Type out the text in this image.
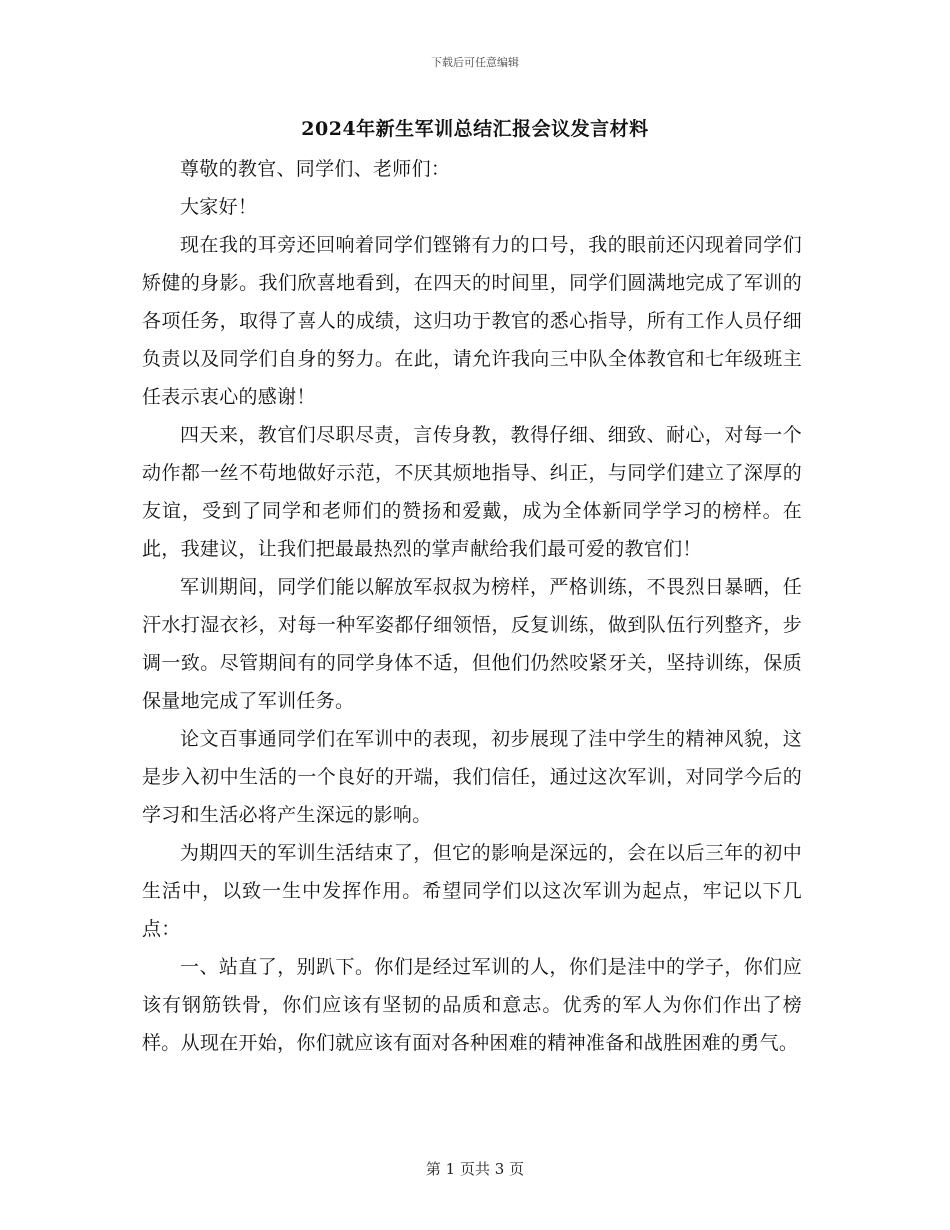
下载后可任意编辑
2024年新生军训总结汇报会议发言材料

尊敬的教官、同学们、老师们：

大家好！

现在我的耳旁还回响着同学们铿锵有力的口号，我的眼前还闪现着同学们矫健的身影。我们欣喜地看到，在四天的时间里，同学们圆满地完成了军训的各项任务，取得了喜人的成绩，这归功于教官的悉心指导，所有工作人员仔细负责以及同学们自身的努力。在此，请允许我向三中队全体教官和七年级班主任表示衷心的感谢！

四天来，教官们尽职尽责，言传身教，教得仔细、细致、耐心，对每一个动作都一丝不苟地做好示范，不厌其烦地指导、纠正，与同学们建立了深厚的友谊，受到了同学和老师们的赞扬和爱戴，成为全体新同学学习的榜样。在此，我建议，让我们把最最热烈的掌声献给我们最可爱的教官们！

军训期间，同学们能以解放军叔叔为榜样，严格训练，不畏烈日暴晒，任汗水打湿衣衫，对每一种军姿都仔细领悟，反复训练，做到队伍行列整齐，步调一致。尽管期间有的同学身体不适，但他们仍然咬紧牙关，坚持训练，保质保量地完成了军训任务。

论文百事通同学们在军训中的表现，初步展现了洼中学生的精神风貌，这是步入初中生活的一个良好的开端，我们信任，通过这次军训，对同学今后的学习和生活必将产生深远的影响。

为期四天的军训生活结束了，但它的影响是深远的，会在以后三年的初中生活中，以致一生中发挥作用。希望同学们以这次军训为起点，牢记以下几点：

一、站直了，别趴下。你们是经过军训的人，你们是洼中的学子，你们应该有钢筋铁骨，你们应该有坚韧的品质和意志。优秀的军人为你们作出了榜样。从现在开始，你们就应该有面对各种困难的精神准备和战胜困难的勇气。

第 1 页共 3 页
